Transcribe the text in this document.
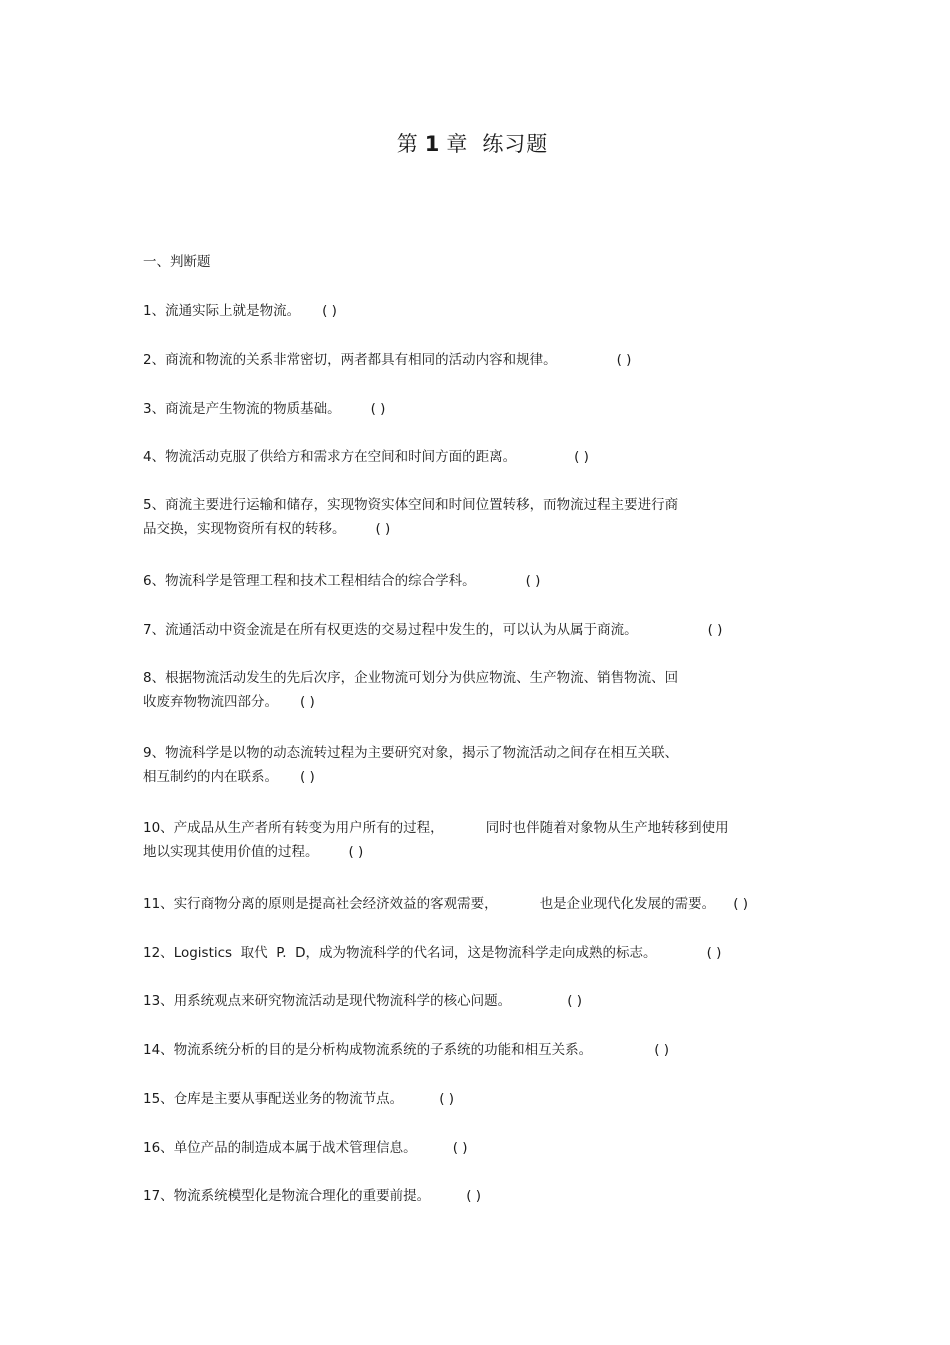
第 1 章 练习题
一、判断题
1、流通实际上就是物流。 ( )
2、商流和物流的关系非常密切，两者都具有相同的活动内容和规律。	( )
3、商流是产生物流的物质基础。 ( )
4、物流活动克服了供给方和需求方在空间和时间方面的距离。	( )
5、商流主要进行运输和储存，实现物资实体空间和时间位置转移，而物流过程主要进行商
品交换，实现物资所有权的转移。 ( )
6、物流科学是管理工程和技术工程相结合的综合学科。	( )
7、流通活动中资金流是在所有权更迭的交易过程中发生的，可以认为从属于商流。	( )
8、根据物流活动发生的先后次序，企业物流可划分为供应物流、生产物流、销售物流、回
收废弃物物流四部分。 ( )
9、物流科学是以物的动态流转过程为主要研究对象，揭示了物流活动之间存在相互关联、
相互制约的内在联系。 ( )
10、产成品从生产者所有转变为用户所有的过程，	同时也伴随着对象物从生产地转移到使用
地以实现其使用价值的过程。 ( )
11、实行商物分离的原则是提高社会经济效益的客观需要，	也是企业现代化发展的需要。 ( )
12、Logistics  取代  P.  D，成为物流科学的代名词，这是物流科学走向成熟的标志。	( )
13、用系统观点来研究物流活动是现代物流科学的核心问题。	( )
14、物流系统分析的目的是分析构成物流系统的子系统的功能和相互关系。	( )
15、仓库是主要从事配送业务的物流节点。	( )
16、单位产品的制造成本属于战术管理信息。	( )
17、物流系统模型化是物流合理化的重要前提。	( )
